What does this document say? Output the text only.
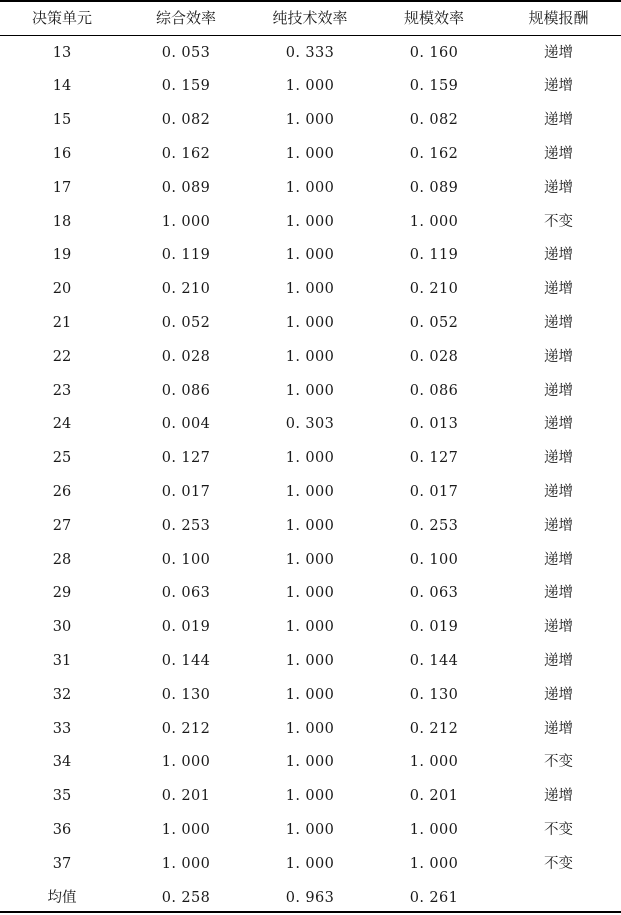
决策单元	综合效率	纯技术效率	规模效率	规模报酬
13	0. 053	0. 333	0. 160	递增
14	0. 159	1. 000	0. 159	递增
15	0. 082	1. 000	0. 082	递增
16	0. 162	1. 000	0. 162	递增
17	0. 089	1. 000	0. 089	递增
18	1. 000	1. 000	1. 000	不变
19	0. 119	1. 000	0. 119	递增
20	0. 210	1. 000	0. 210	递增
21	0. 052	1. 000	0. 052	递增
22	0. 028	1. 000	0. 028	递增
23	0. 086	1. 000	0. 086	递增
24	0. 004	0. 303	0. 013	递增
25	0. 127	1. 000	0. 127	递增
26	0. 017	1. 000	0. 017	递增
27	0. 253	1. 000	0. 253	递增
28	0. 100	1. 000	0. 100	递增
29	0. 063	1. 000	0. 063	递增
30	0. 019	1. 000	0. 019	递增
31	0. 144	1. 000	0. 144	递增
32	0. 130	1. 000	0. 130	递增
33	0. 212	1. 000	0. 212	递增
34	1. 000	1. 000	1. 000	不变
35	0. 201	1. 000	0. 201	递增
36	1. 000	1. 000	1. 000	不变
37	1. 000	1. 000	1. 000	不变
均值	0. 258	0. 963	0. 261
